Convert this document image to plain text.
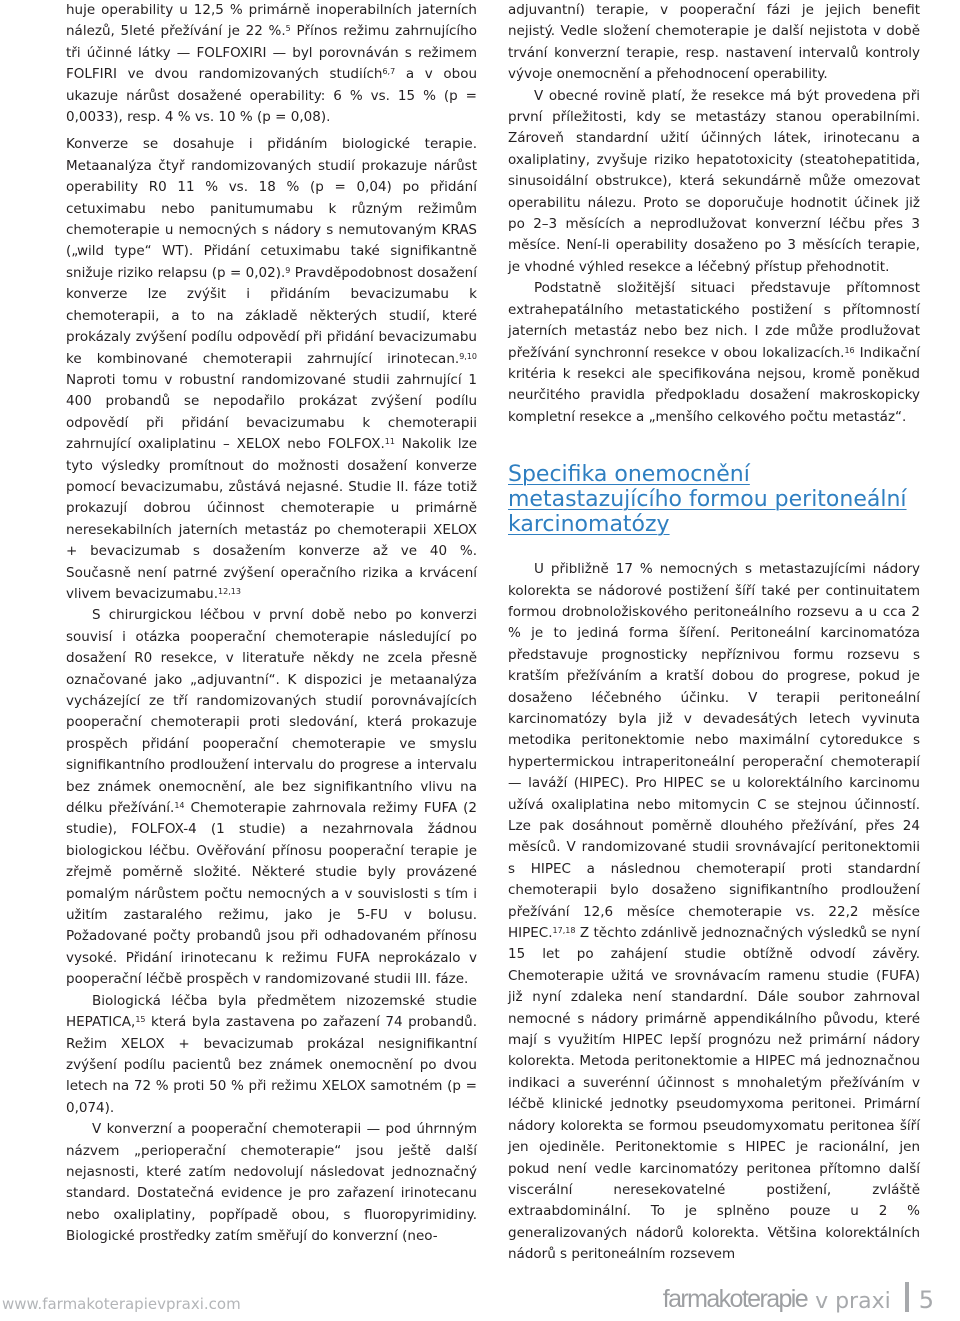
huje operability u 12,5 % primárně inoperabilních jaterních nálezů, 5leté přežívání je 22 %.$^5$ Přínos režimu zahrnujícího tři účinné látky — FOLFOXIRI — byl porovnáván s režimem FOLFIRI ve dvou randomizovaných studiích$^{6,7}$ a v obou ukazuje nárůst dosažené operability: 6 % vs. 15 % (p = 0,0033), resp. 4 % vs. 10 % (p = 0,08).

Konverze se dosahuje i přidáním biologické terapie. Metaanalýza čtyř randomizovaných studií prokazuje nárůst operability R0 11 % vs. 18 % (p = 0,04) po přidání cetuximabu nebo panitumumabu k různým režimům chemoterapie u nemocných s nádory s nemutovaným KRAS („wild type“ WT). Přidání cetuximabu také signifikantně snižuje riziko relapsu (p = 0,02).$^9$ Pravděpodobnost dosažení konverze lze zvýšit i přidáním bevacizumabu k chemoterapii, a to na základě některých studií, které prokázaly zvýšení podílu odpovědí při přidání bevacizumabu ke kombinované chemoterapii zahrnující irinotecan.$^{9,10}$ Naproti tomu v robustní randomizované studii zahrnující 1 400 probandů se nepodařilo prokázat zvýšení podílu odpovědí při přidání bevacizumabu k chemoterapii zahrnující oxaliplatinu – XELOX nebo FOLFOX.$^{11}$ Nakolik lze tyto výsledky promítnout do možnosti dosažení konverze pomocí bevacizumabu, zůstává nejasné. Studie II. fáze totiž prokazují dobrou účinnost chemoterapie u primárně neresekabilních jaterních metastáz po chemoterapii XELOX + bevacizumab s dosažením konverze až ve 40 %. Současně není patrné zvýšení operačního rizika a krvácení vlivem bevacizumabu.$^{12,13}$

S chirurgickou léčbou v první době nebo po konverzi souvisí i otázka pooperační chemoterapie následující po dosažení R0 resekce, v literatuře někdy ne zcela přesně označované jako „adjuvantní“. K dispozici je metaanalýza vycházející ze tří randomizovaných studií porovnávajících pooperační chemoterapii proti sledování, která prokazuje prospěch přidání pooperační chemoterapie ve smyslu signifikantního prodloužení intervalu do progrese a intervalu bez známek onemocnění, ale bez signifikantního vlivu na délku přežívání.$^{14}$ Chemoterapie zahrnovala režimy FUFA (2 studie), FOLFOX-4 (1 studie) a nezahrnovala žádnou biologickou léčbu. Ověřování přínosu pooperační terapie je zřejmě poměrně složité. Některé studie byly provázené pomalým nárůstem počtu nemocných a v souvislosti s tím i užitím zastaralého režimu, jako je 5-FU v bolusu. Požadované počty probandů jsou při odhadovaném přínosu vysoké. Přidání irinotecanu k režimu FUFA neprokázalo v pooperační léčbě prospěch v randomizované studii III. fáze.

Biologická léčba byla předmětem nizozemské studie HEPATICA,$^{15}$ která byla zastavena po zařazení 74 probandů. Režim XELOX + bevacizumab prokázal nesignifikantní zvýšení podílu pacientů bez známek onemocnění po dvou letech na 72 % proti 50 % při režimu XELOX samotném (p = 0,074).

V konverzní a pooperační chemoterapii — pod úhrnným názvem „perioperační chemoterapie“ jsou ještě další nejasnosti, které zatím nedovolují následovat jednoznačný standard. Dostatečná evidence je pro zařazení irinotecanu nebo oxaliplatiny, popřípadě obou, s fluoropyrimidiny. Biologické prostředky zatím směřují do konverzní (neo-

adjuvantní) terapie, v pooperační fázi je jejich benefit nejistý. Vedle složení chemoterapie je další nejistota v době trvání konverzní terapie, resp. nastavení intervalů kontroly vývoje onemocnění a přehodnocení operability.

V obecné rovině platí, že resekce má být provedena při první příležitosti, kdy se metastázy stanou operabilními. Zároveň standardní užití účinných látek, irinotecanu a oxaliplatiny, zvyšuje riziko hepatotoxicity (steatohepatitida, sinusoidální obstrukce), která sekundárně může omezovat operabilitu nálezu. Proto se doporučuje hodnotit účinek již po 2–3 měsících a neprodlužovat konverzní léčbu přes 3 měsíce. Není-li operability dosaženo po 3 měsících terapie, je vhodné výhled resekce a léčebný přístup přehodnotit.

Podstatně složitější situaci představuje přítomnost extrahepatálního metastatického postižení s přítomností jaterních metastáz nebo bez nich. I zde může prodlužovat přežívání synchronní resekce v obou lokalizacích.$^{16}$ Indikační kritéria k resekci ale specifikována nejsou, kromě poněkud neurčitého pravidla předpokladu dosažení makroskopicky kompletní resekce a „menšího celkového počtu metastáz“.

Specifika onemocnění metastazujícího formou peritoneální karcinomatózy

U přibližně 17 % nemocných s metastazujícími nádory kolorekta se nádorové postižení šíří také per continuitatem formou drobnoložiskového peritoneálního rozsevu a u cca 2 % je to jediná forma šíření. Peritoneální karcinomatóza představuje prognosticky nepříznivou formu rozsevu s kratším přežíváním a kratší dobou do progrese, pokud je dosaženo léčebného účinku. V terapii peritoneální karcinomatózy byla již v devadesátých letech vyvinuta metodika peritonektomie nebo maximální cytoredukce s hypertermickou intraperitoneální peroperační chemoterapií — laváží (HIPEC). Pro HIPEC se u kolorektálního karcinomu užívá oxaliplatina nebo mitomycin C se stejnou účinností. Lze pak dosáhnout poměrně dlouhého přežívání, přes 24 měsíců. V randomizované studii srovnávající peritonektomii s HIPEC a následnou chemoterapií proti standardní chemoterapii bylo dosaženo signifikantního prodloužení přežívání 12,6 měsíce chemoterapie vs. 22,2 měsíce HIPEC.$^{17,18}$ Z těchto zdánlivě jednoznačných výsledků se nyní 15 let po zahájení studie obtížně odvodí závěry. Chemoterapie užitá ve srovnávacím ramenu studie (FUFA) již nyní zdaleka není standardní. Dále soubor zahrnoval nemocné s nádory primárně appendikálního původu, které mají s využitím HIPEC lepší prognózu než primární nádory kolorekta. Metoda peritonektomie a HIPEC má jednoznačnou indikaci a suverénní účinnost s mnohaletým přežíváním v léčbě klinické jednotky pseudomyxoma peritonei. Primární nádory kolorekta se formou pseudomyxomatu peritonea šíří jen ojediněle. Peritonektomie s HIPEC je racionální, jen pokud není vedle karcinomatózy peritonea přítomno další viscerální neresekovatelné postižení, zvláště extraabdominální. To je splněno pouze u 2 % generalizovaných nádorů kolorekta. Většina kolorektálních nádorů s peritoneálním rozsevem

www.farmakoterapievpraxi.com	farmakoterapie v praxi 5
